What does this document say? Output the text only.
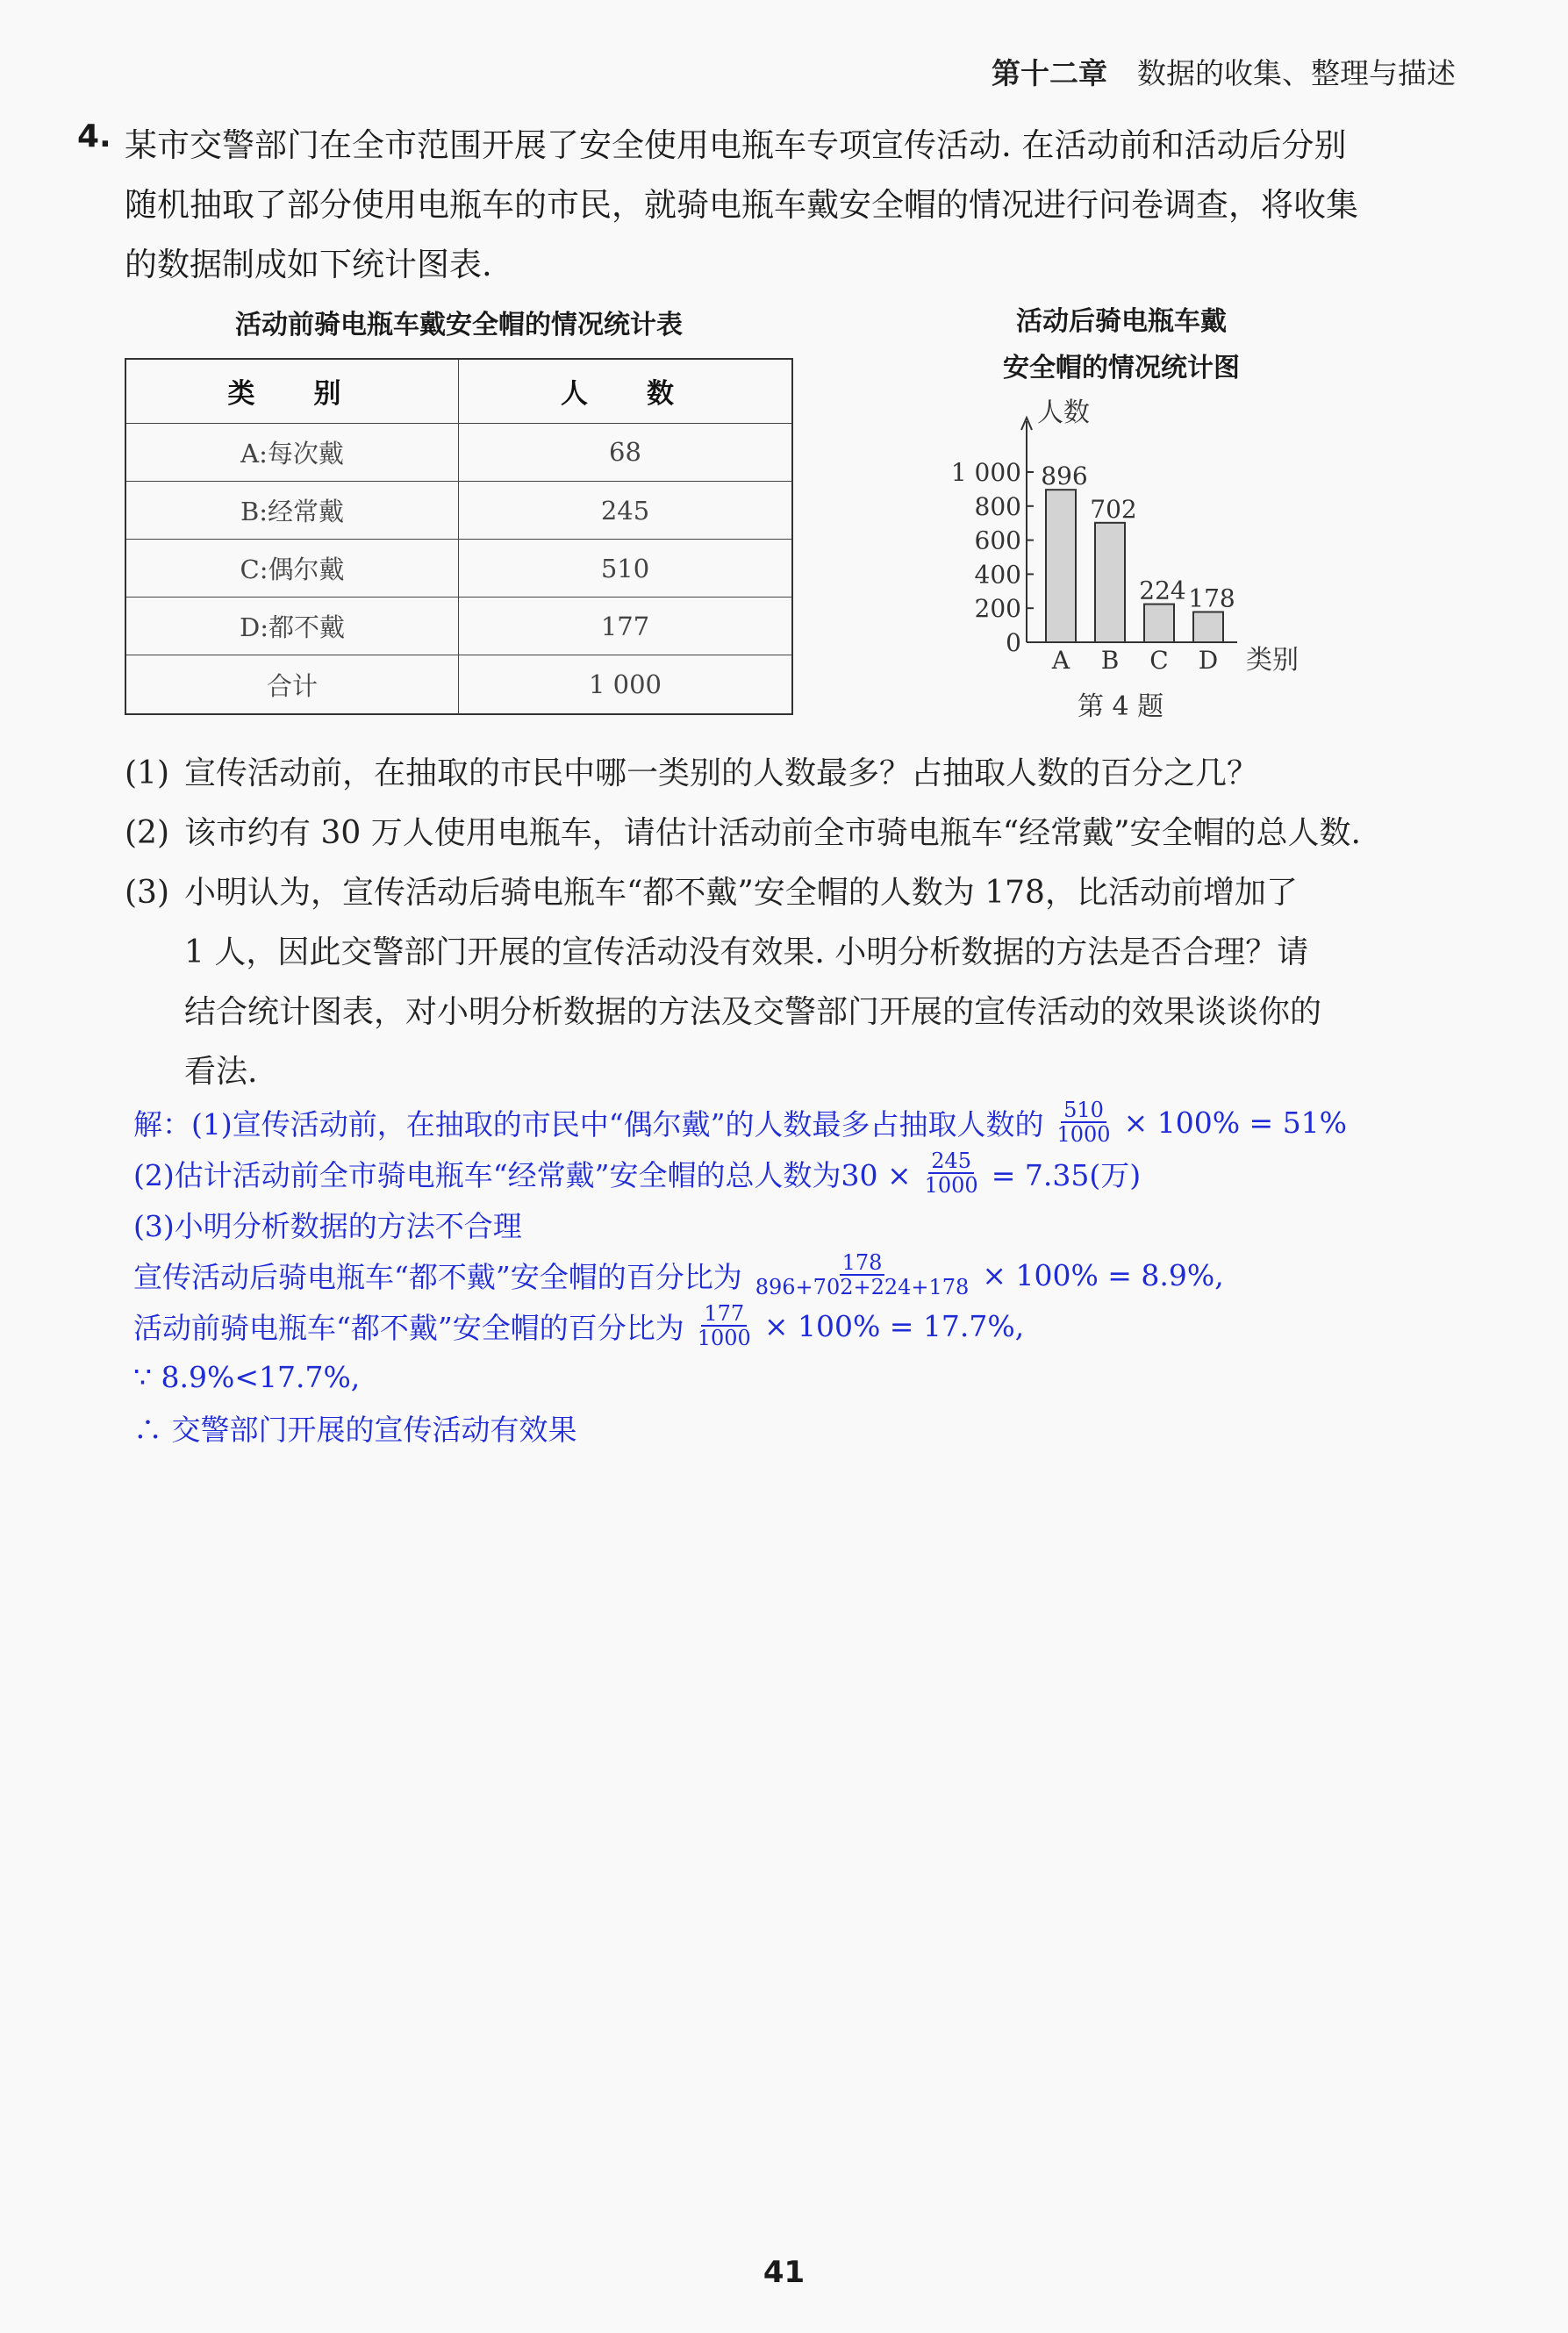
第十二章 数据的收集、整理与描述
4. 某市交警部门在全市范围开展了安全使用电瓶车专项宣传活动. 在活动前和活动后分别
随机抽取了部分使用电瓶车的市民，就骑电瓶车戴安全帽的情况进行问卷调查，将收集
的数据制成如下统计图表.

活动前骑电瓶车戴安全帽的情况统计表
类　别	人　数
A:每次戴	68
B:经常戴	245
C:偶尔戴	510
D:都不戴	177
合计	1 000
活动后骑电瓶车戴
安全帽的情况统计图
人数
类别
0
200
400
600
800
1 000 896
A
702
B
224
C
178
D
第 4 题
(1) 宣传活动前，在抽取的市民中哪一类别的人数最多？占抽取人数的百分之几？
(2) 该市约有 30 万人使用电瓶车，请估计活动前全市骑电瓶车“经常戴”安全帽的总人数.
(3) 小明认为，宣传活动后骑电瓶车“都不戴”安全帽的人数为 178，比活动前增加了
1 人，因此交警部门开展的宣传活动没有效果. 小明分析数据的方法是否合理？请
结合统计图表，对小明分析数据的方法及交警部门开展的宣传活动的效果谈谈你的
看法.
解：(1)宣传活动前，在抽取的市民中“偶尔戴”的人数最多占抽取人数的 $\frac{510}{1000} \times 100\% = 51\%$
(2)估计活动前全市骑电瓶车“经常戴”安全帽的总人数为$30 \times \frac{245}{1000} = 7.35$(万)
(3)小明分析数据的方法不合理
宣传活动后骑电瓶车“都不戴”安全帽的百分比为 $\frac{178}{896+702+224+178} \times 100\% = 8.9\%$,
活动前骑电瓶车“都不戴”安全帽的百分比为 $\frac{177}{1000} \times 100\% = 17.7\%$,
∵ 8.9%<17.7%,
∴ 交警部门开展的宣传活动有效果
41
